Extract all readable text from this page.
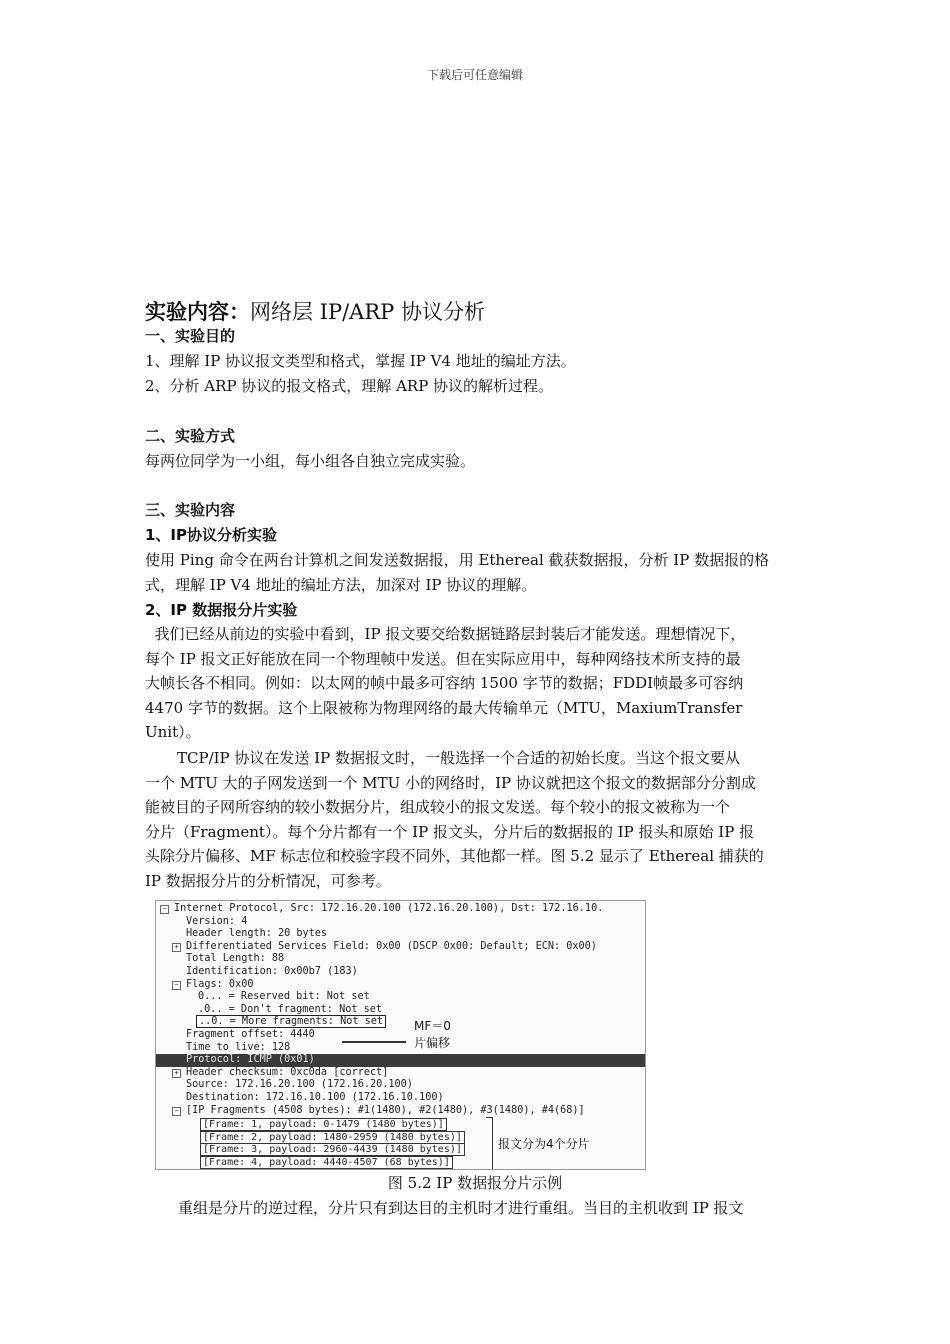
下载后可任意编辑
实验内容：网络层 IP/ARP 协议分析
一、实验目的
1、理解 IP 协议报文类型和格式，掌握 IP V4 地址的编址方法。
2、分析 ARP 协议的报文格式，理解 ARP 协议的解析过程。
二、实验方式
每两位同学为一小组，每小组各自独立完成实验。
三、实验内容
1、IP协议分析实验
使用 Ping 命令在两台计算机之间发送数据报，用 Ethereal 截获数据报，分析 IP 数据报的格
式，理解 IP V4 地址的编址方法，加深对 IP 协议的理解。
2、IP 数据报分片实验
我们已经从前边的实验中看到，IP 报文要交给数据链路层封装后才能发送。理想情况下，
每个 IP 报文正好能放在同一个物理帧中发送。但在实际应用中，每种网络技术所支持的最
大帧长各不相同。例如：以太网的帧中最多可容纳 1500 字节的数据；FDDI帧最多可容纳
4470 字节的数据。这个上限被称为物理网络的最大传输单元（MTU，MaxiumTransfer
Unit）。
TCP/IP 协议在发送 IP 数据报文时，一般选择一个合适的初始长度。当这个报文要从
一个 MTU 大的子网发送到一个 MTU 小的网络时，IP 协议就把这个报文的数据部分分割成
能被目的子网所容纳的较小数据分片，组成较小的报文发送。每个较小的报文被称为一个
分片（Fragment）。每个分片都有一个 IP 报文头，分片后的数据报的 IP 报头和原始 IP 报
头除分片偏移、MF 标志位和校验字段不同外，其他都一样。图 5.2 显示了 Ethereal 捕获的
IP 数据报分片的分析情况，可参考。
− Internet Protocol, Src: 172.16.20.100 (172.16.20.100), Dst: 172.16.10.
Version: 4
Header length: 20 bytes
+ Differentiated Services Field: 0x00 (DSCP 0x00: Default; ECN: 0x00)
Total Length: 88
Identification: 0x00b7 (183)
− Flags: 0x00
0... = Reserved bit: Not set
.0.. = Don't fragment: Not set
..0. = More fragments: Not set
Fragment offset: 4440
Time to live: 128
Protocol: ICMP (0x01)
+ Header checksum: 0xc0da [correct]
Source: 172.16.20.100 (172.16.20.100)
Destination: 172.16.10.100 (172.16.10.100)
− [IP Fragments (4508 bytes): #1(1480), #2(1480), #3(1480), #4(68)]
[Frame: 1, payload: 0-1479 (1480 bytes)]
[Frame: 2, payload: 1480-2959 (1480 bytes)]
[Frame: 3, payload: 2960-4439 (1480 bytes)]
[Frame: 4, payload: 4440-4507 (68 bytes)]
MF＝0
片偏移
报文分为4个分片
图 5.2 IP 数据报分片示例
重组是分片的逆过程，分片只有到达目的主机时才进行重组。当目的主机收到 IP 报文
